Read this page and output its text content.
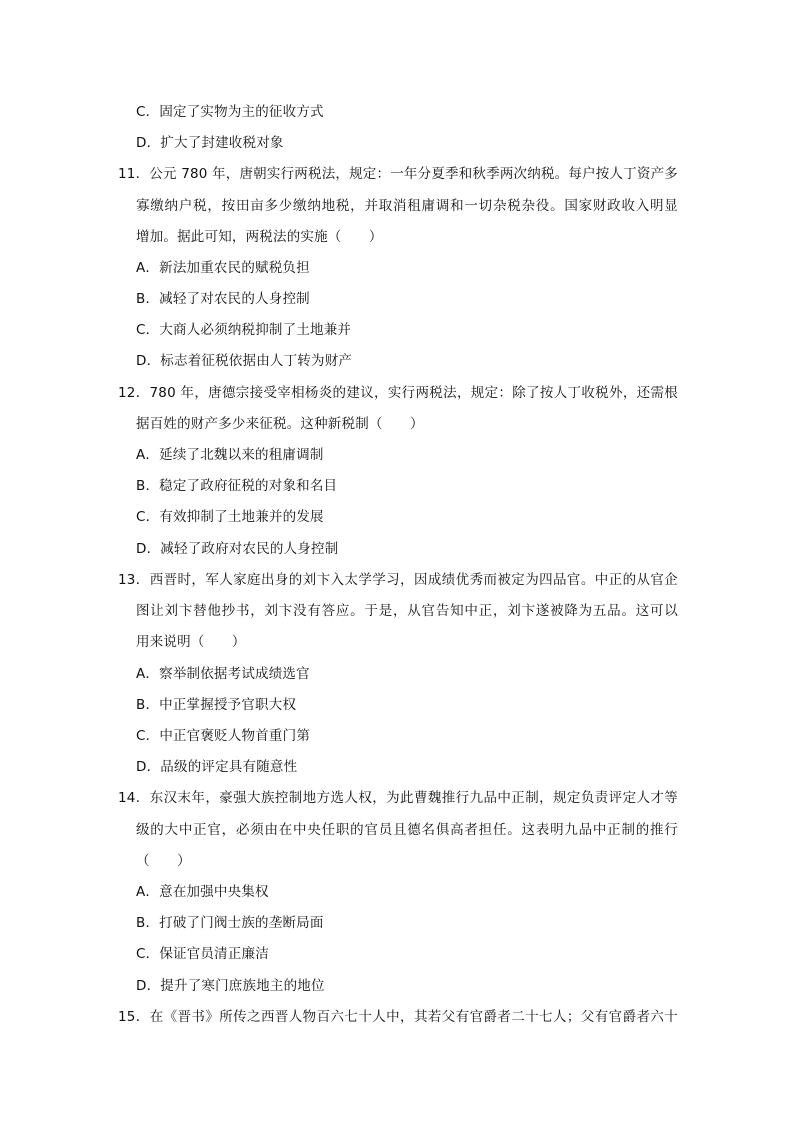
C．固定了实物为主的征收方式
D．扩大了封建收税对象
11．公元 780 年，唐朝实行两税法，规定：一年分夏季和秋季两次纳税。每户按人丁资产多
寡缴纳户税，按田亩多少缴纳地税，并取消租庸调和一切杂税杂役。国家财政收入明显
增加。据此可知，两税法的实施（　　）
A．新法加重农民的赋税负担
B．减轻了对农民的人身控制
C．大商人必须纳税抑制了土地兼并
D．标志着征税依据由人丁转为财产
12．780 年，唐德宗接受宰相杨炎的建议，实行两税法，规定：除了按人丁收税外，还需根
据百姓的财产多少来征税。这种新税制（　　）
A．延续了北魏以来的租庸调制
B．稳定了政府征税的对象和名目
C．有效抑制了土地兼并的发展
D．减轻了政府对农民的人身控制
13．西晋时，军人家庭出身的刘卞入太学学习，因成绩优秀而被定为四品官。中正的从官企
图让刘卞替他抄书，刘卞没有答应。于是，从官告知中正，刘卞遂被降为五品。这可以
用来说明（　　）
A．察举制依据考试成绩选官
B．中正掌握授予官职大权
C．中正官褒贬人物首重门第
D．品级的评定具有随意性
14．东汉末年，豪强大族控制地方选人权，为此曹魏推行九品中正制，规定负责评定人才等
级的大中正官，必须由在中央任职的官员且德名俱高者担任。这表明九品中正制的推行
（　　）
A．意在加强中央集权
B．打破了门阀士族的垄断局面
C．保证官员清正廉洁
D．提升了寒门庶族地主的地位
15．在《晋书》所传之西晋人物百六七十人中，其若父有官爵者二十七人；父有官爵者六十
